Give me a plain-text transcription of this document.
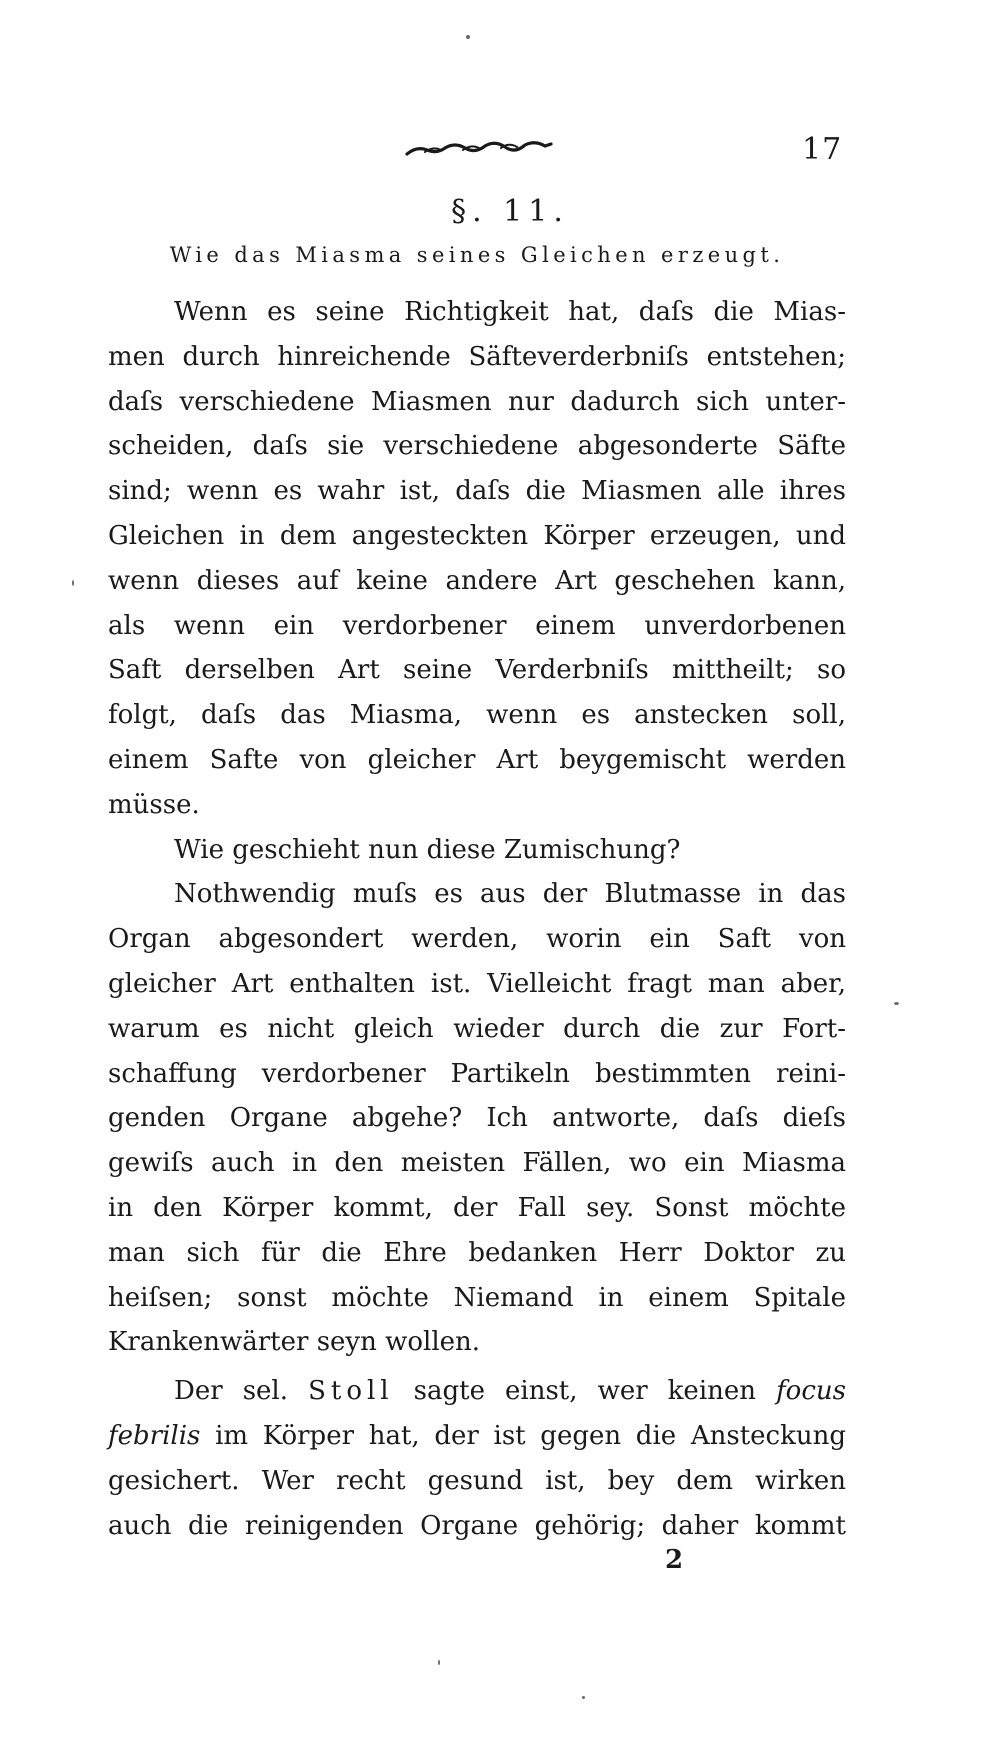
17
§. 11.
Wie das Miasma seines Gleichen erzeugt.
Wenn es seine Richtigkeit hat, daſs die Mias-
men durch hinreichende Säfteverderbniſs entstehen;
daſs verschiedene Miasmen nur dadurch sich unter-
scheiden, daſs sie verschiedene abgesonderte Säfte
sind; wenn es wahr ist, daſs die Miasmen alle ihres
Gleichen in dem angesteckten Körper erzeugen, und
wenn dieses auf keine andere Art geschehen kann,
als wenn ein verdorbener einem unverdorbenen
Saft derselben Art seine Verderbniſs mittheilt; so
folgt, daſs das Miasma, wenn es anstecken soll,
einem Safte von gleicher Art beygemischt werden
müsse.
Wie geschieht nun diese Zumischung?
Nothwendig muſs es aus der Blutmasse in das
Organ abgesondert werden, worin ein Saft von
gleicher Art enthalten ist. Vielleicht fragt man aber,
warum es nicht gleich wieder durch die zur Fort-
schaffung verdorbener Partikeln bestimmten reini-
genden Organe abgehe? Ich antworte, daſs dieſs
gewiſs auch in den meisten Fällen, wo ein Miasma
in den Körper kommt, der Fall sey. Sonst möchte
man sich für die Ehre bedanken Herr Doktor zu
heiſsen; sonst möchte Niemand in einem Spitale
Krankenwärter seyn wollen.
Der sel. Stoll sagte einst, wer keinen focus
febrilis im Körper hat, der ist gegen die Ansteckung
gesichert. Wer recht gesund ist, bey dem wirken
auch die reinigenden Organe gehörig; daher kommt
2
